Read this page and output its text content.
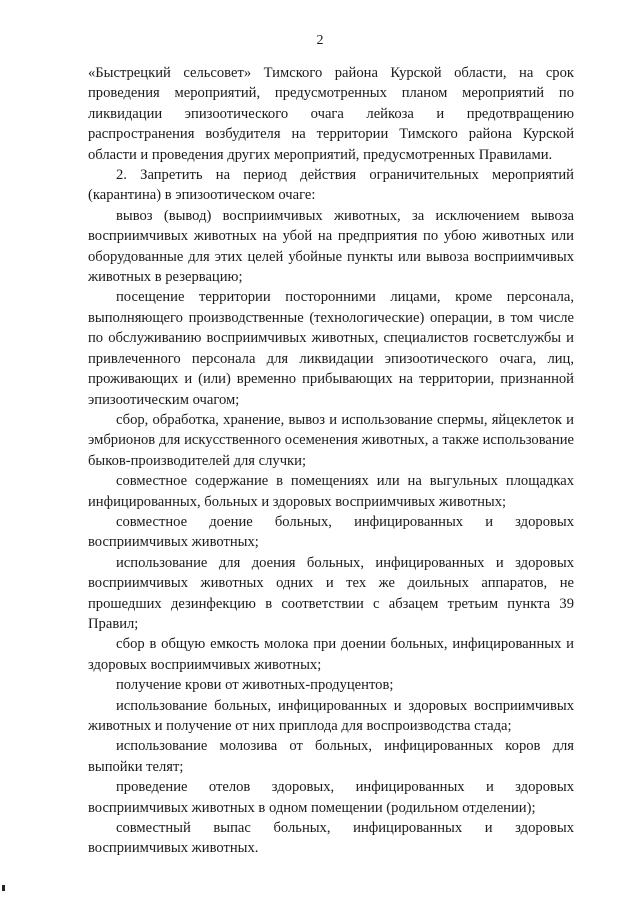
2

«Быстрецкий сельсовет» Тимского района Курской области, на срок проведения мероприятий, предусмотренных планом мероприятий по ликвидации эпизоотического очага лейкоза и предотвращению распространения возбудителя на территории Тимского района Курской области и проведения других мероприятий, предусмотренных Правилами.

2. Запретить на период действия ограничительных мероприятий (карантина) в эпизоотическом очаге:

вывоз (вывод) восприимчивых животных, за исключением вывоза восприимчивых животных на убой на предприятия по убою животных или оборудованные для этих целей убойные пункты или вывоза восприимчивых животных в резервацию;

посещение территории посторонними лицами, кроме персонала, выполняющего производственные (технологические) операции, в том числе по обслуживанию восприимчивых животных, специалистов госветслужбы и привлеченного персонала для ликвидации эпизоотического очага, лиц, проживающих и (или) временно прибывающих на территории, признанной эпизоотическим очагом;

сбор, обработка, хранение, вывоз и использование спермы, яйцеклеток и эмбрионов для искусственного осеменения животных, а также использование быков-производителей для случки;

совместное содержание в помещениях или на выгульных площадках инфицированных, больных и здоровых восприимчивых животных;

совместное доение больных, инфицированных и здоровых восприимчивых животных;

использование для доения больных, инфицированных и здоровых восприимчивых животных одних и тех же доильных аппаратов, не прошедших дезинфекцию в соответствии с абзацем третьим пункта 39 Правил;

сбор в общую емкость молока при доении больных, инфицированных и здоровых восприимчивых животных;

получение крови от животных-продуцентов;

использование больных, инфицированных и здоровых восприимчивых животных и получение от них приплода для воспроизводства стада;

использование молозива от больных, инфицированных коров для выпойки телят;

проведение отелов здоровых, инфицированных и здоровых восприимчивых животных в одном помещении (родильном отделении);

совместный выпас больных, инфицированных и здоровых восприимчивых животных.
